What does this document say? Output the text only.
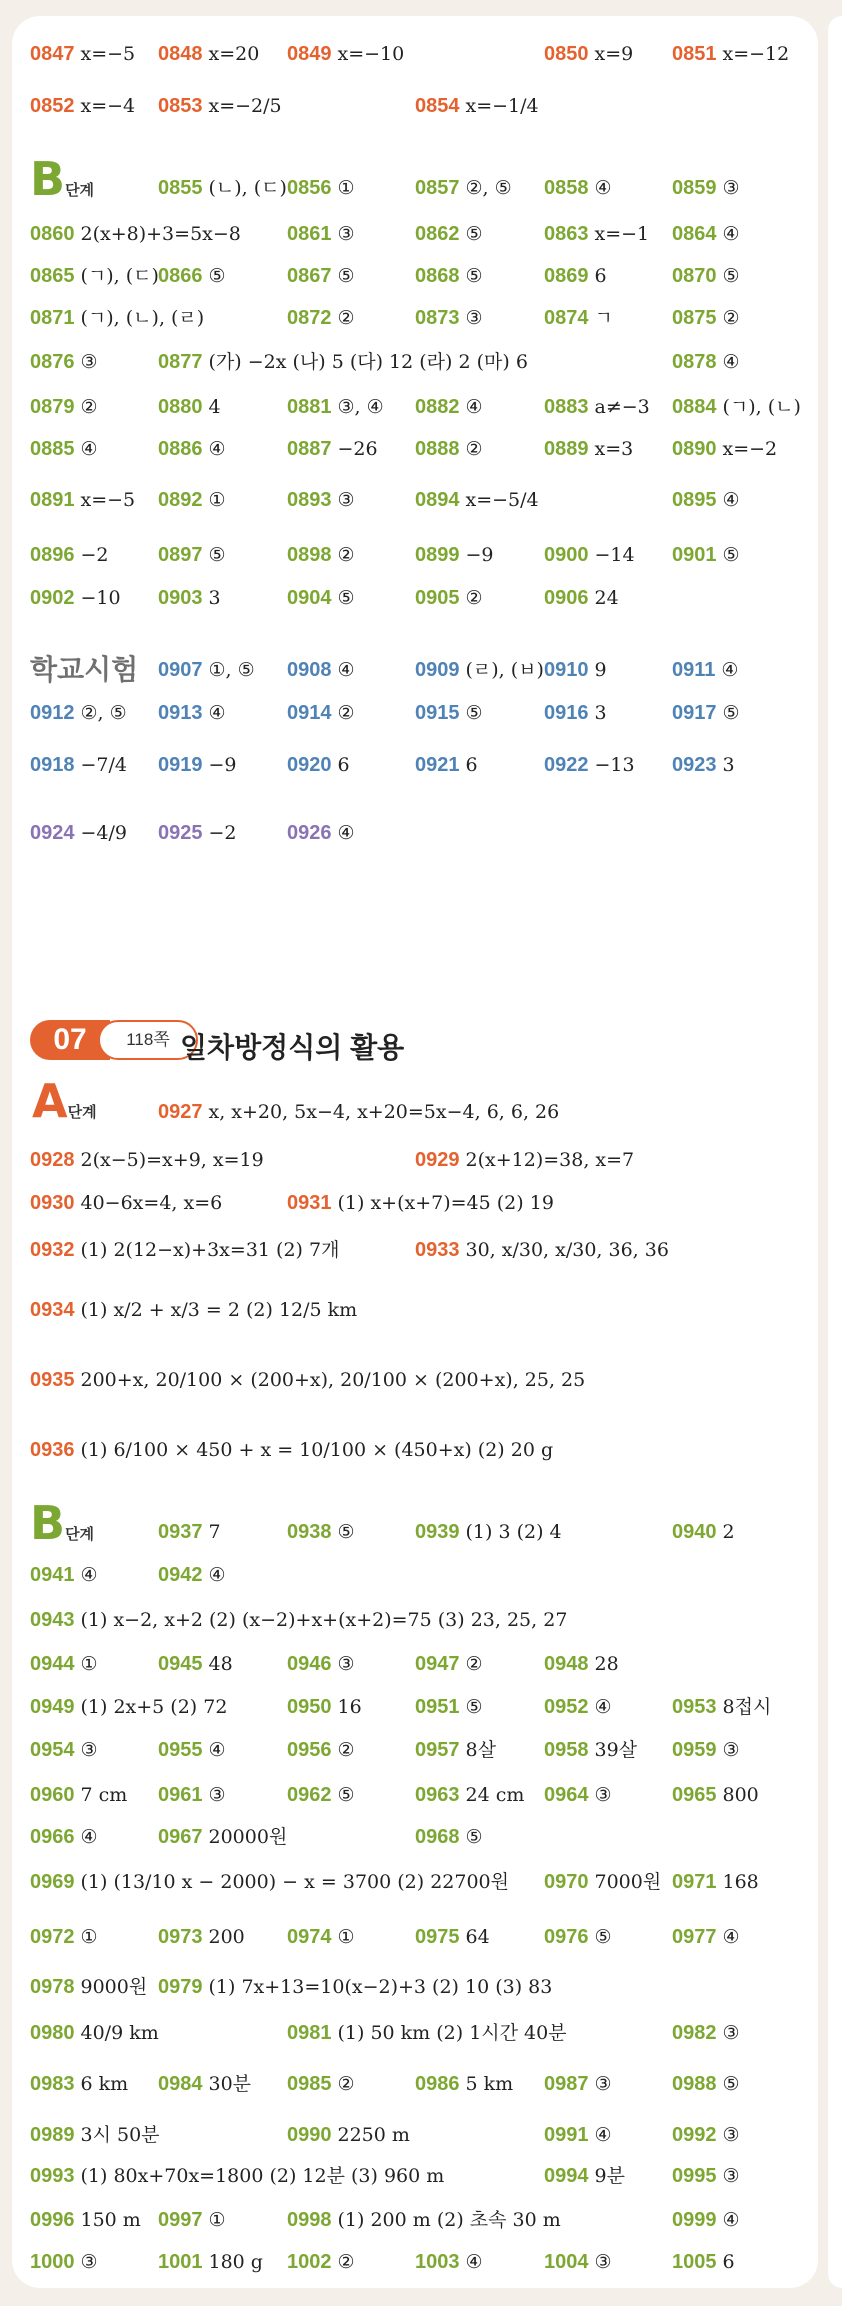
B단계
학교시험
07	118쪽 일차방정식의 활용
A단계
B단계
0847 x=−5 0848 x=20 0849 x=−10	0850 x=9 0851 x=−12
0852 x=−4 0853 x=−2/5	0854 x=−1/4
0855 (ㄴ), (ㄷ) 0856 ①	0857 ②, ⑤ 0858 ④	0859 ③
0860 2(x+8)+3=5x−8 0861 ③	0862 ⑤	0863 x=−1 0864 ④
0865 (ㄱ), (ㄷ) 0866 ⑤	0867 ⑤	0868 ⑤	0869 6	0870 ⑤
0871 (ㄱ), (ㄴ), (ㄹ)	0872 ②	0873 ③	0874 ㄱ	0875 ②
0876 ③	0877 (가) −2x (나) 5 (다) 12 (라) 2 (마) 6	0878 ④
0879 ②	0880 4	0881 ③, ④ 0882 ④	0883 a≠−3 0884 (ㄱ), (ㄴ)
0885 ④	0886 ④	0887 −26 0888 ②	0889 x=3 0890 x=−2
0891 x=−5 0892 ①	0893 ③	0894 x=−5/4	0895 ④
0896 −2 0897 ⑤	0898 ②	0899 −9	0900 −14 0901 ⑤
0902 −10 0903 3	0904 ⑤	0905 ②	0906 24
0907 ①, ⑤ 0908 ④	0909 (ㄹ), (ㅂ) 0910 9	0911 ④
0912 ②, ⑤ 0913 ④	0914 ②	0915 ⑤	0916 3	0917 ⑤
0918 −7/4 0919 −9	0920 6	0921 6	0922 −13 0923 3
0924 −4/9 0925 −2	0926 ④
0927 x, x+20, 5x−4, x+20=5x−4, 6, 6, 26
0928 2(x−5)=x+9, x=19	0929 2(x+12)=38, x=7
0930 40−6x=4, x=6	0931 (1) x+(x+7)=45 (2) 19
0932 (1) 2(12−x)+3x=31 (2) 7개	0933 30, x/30, x/30, 36, 36
0934 (1) x/2 + x/3 = 2 (2) 12/5 km
0935 200+x, 20/100 × (200+x), 20/100 × (200+x), 25, 25
0936 (1) 6/100 × 450 + x = 10/100 × (450+x) (2) 20 g
0937 7	0938 ⑤	0939 (1) 3 (2) 4	0940 2
0941 ④	0942 ④
0943 (1) x−2, x+2 (2) (x−2)+x+(x+2)=75 (3) 23, 25, 27
0944 ①	0945 48	0946 ③	0947 ②	0948 28
0949 (1) 2x+5 (2) 72	0950 16	0951 ⑤	0952 ④	0953 8접시
0954 ③	0955 ④	0956 ②	0957 8살 0958 39살 0959 ③
0960 7 cm 0961 ③	0962 ⑤	0963 24 cm 0964 ③	0965 800
0966 ④	0967 20000원	0968 ⑤
0969 (1) (13/10 x − 2000) − x = 3700 (2) 22700원 0970 7000원 0971 168
0972 ①	0973 200 0974 ①	0975 64	0976 ⑤	0977 ④
0978 9000원 0979 (1) 7x+13=10(x−2)+3 (2) 10 (3) 83
0980 40/9 km	0981 (1) 50 km (2) 1시간 40분	0982 ③
0983 6 km 0984 30분 0985 ②	0986 5 km 0987 ③	0988 ⑤
0989 3시 50분	0990 2250 m	0991 ④	0992 ③
0993 (1) 80x+70x=1800 (2) 12분 (3) 960 m	0994 9분 0995 ③
0996 150 m 0997 ①	0998 (1) 200 m (2) 초속 30 m	0999 ④
1000 ③	1001 180 g 1002 ②	1003 ④	1004 ③	1005 6
